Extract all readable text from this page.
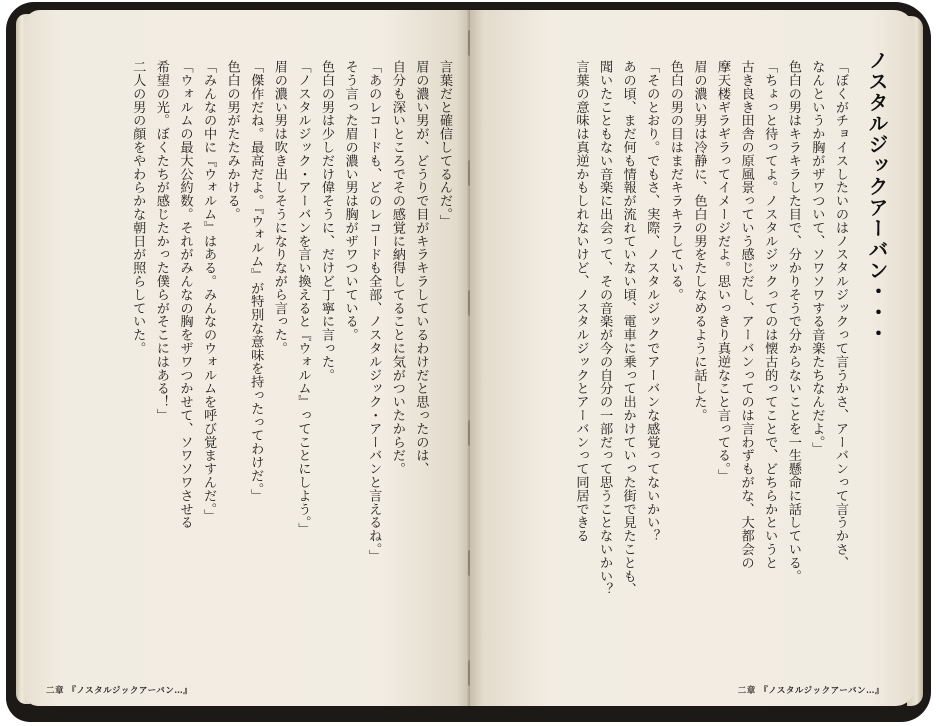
言葉だと確信してるんだ。」

眉の濃い男が、どうりで目がキラキラしているわけだと思ったのは、

自分も深いところでその感覚に納得してることに気がついたからだ。

「あのレコードも、どのレコードも全部、ノスタルジック・アーバンと言えるね。」

そう言った眉の濃い男は胸がザワついている。

色白の男は少しだけ偉そうに、だけど丁寧に言った。

「ノスタルジック・アーバンを言い換えると『ウォルム』ってことにしよう。」

眉の濃い男は吹き出しそうになりながら言った。

「傑作だね。最高だよ。『ウォルム』が特別な意味を持ったってわけだ。」

色白の男がたたみかける。

「みんなの中に『ウォルム』はある。みんなのウォルムを呼び覚ますんだ。」

「ウォルムの最大公約数。それがみんなの胸をザワつかせて、ソワソワさせる

希望の光。ぼくたちが感じたかった僕らがそこにはある！」

二人の男の顔をやわらかな朝日が照らしていた。

二章 『ノスタルジックアーバン…』
ノスタルジックアーバン・・・

「ぼくがチョイスしたいのはノスタルジックって言うかさ、アーバンって言うかさ、

なんというか胸がザワついて、ソワソワする音楽たちなんだよ。」

色白の男はキラキラした目で、分かりそうで分からないことを一生懸命に話している。

「ちょっと待ってよ。ノスタルジックってのは懐古的ってことで、どちらかというと

古き良き田舎の原風景っていう感じだし、アーバンってのは言わずもがな、大都会の

摩天楼ギラギラってイメージだよ。思いっきり真逆なこと言ってる。」

眉の濃い男は冷静に、色白の男をたしなめるように話した。

色白の男の目はまだキラキラしている。

「そのとおり。でもさ、実際、ノスタルジックでアーバンな感覚ってないかい？

あの頃、まだ何も情報が流れていない頃、電車に乗って出かけていった街で見たことも、

聞いたこともない音楽に出会って、その音楽が今の自分の一部だって思うことないかい？

言葉の意味は真逆かもしれないけど、ノスタルジックとアーバンって同居できる

二章 『ノスタルジックアーバン…』
